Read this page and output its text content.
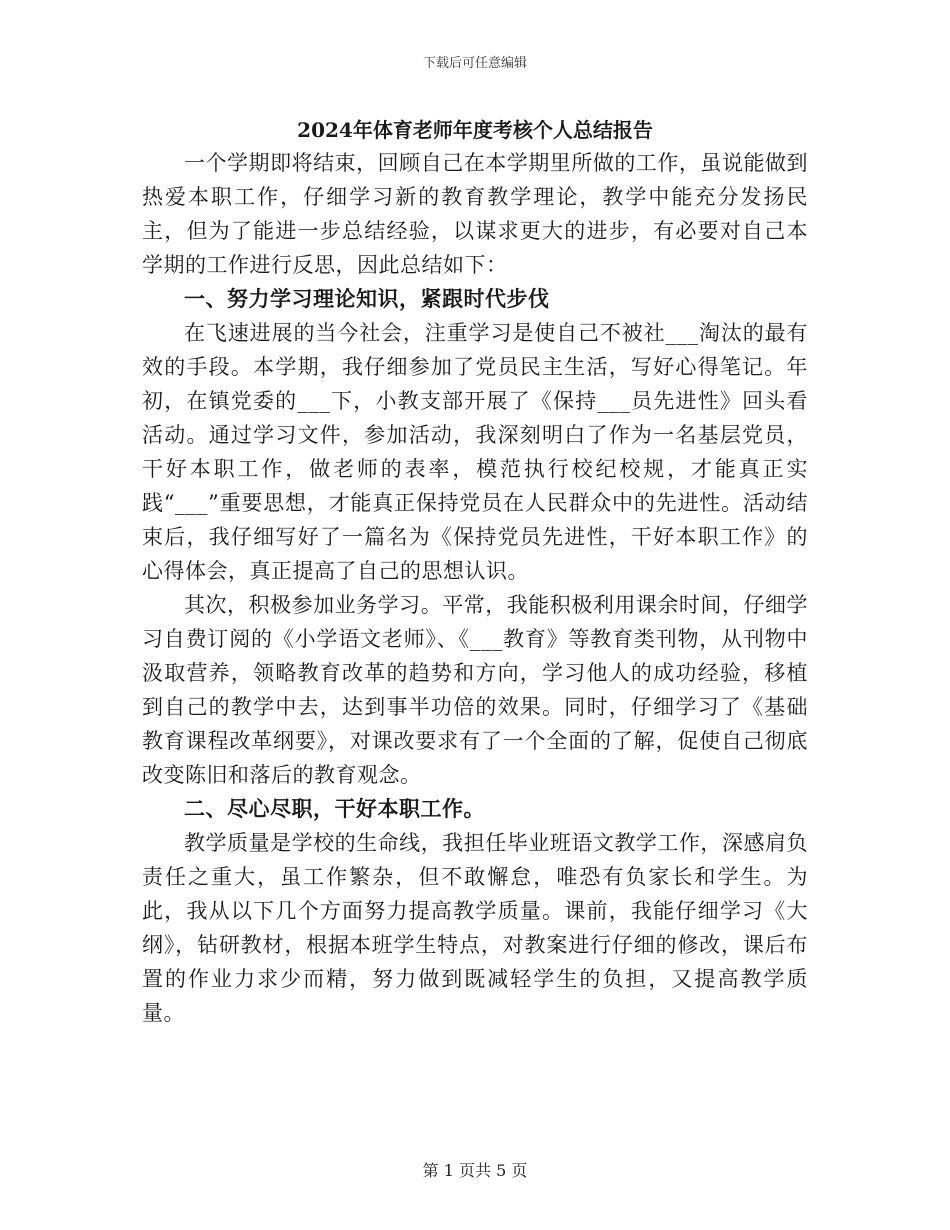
下载后可任意编辑

2024年体育老师年度考核个人总结报告

一个学期即将结束，回顾自己在本学期里所做的工作，虽说能做到热爱本职工作，仔细学习新的教育教学理论，教学中能充分发扬民主，但为了能进一步总结经验，以谋求更大的进步，有必要对自己本学期的工作进行反思，因此总结如下：

一、努力学习理论知识，紧跟时代步伐

在飞速进展的当今社会，注重学习是使自己不被社___淘汰的最有效的手段。本学期，我仔细参加了党员民主生活，写好心得笔记。年初，在镇党委的___下，小教支部开展了《保持___员先进性》回头看活动。通过学习文件，参加活动，我深刻明白了作为一名基层党员，干好本职工作，做老师的表率，模范执行校纪校规，才能真正实践“___”重要思想，才能真正保持党员在人民群众中的先进性。活动结束后，我仔细写好了一篇名为《保持党员先进性，干好本职工作》的心得体会，真正提高了自己的思想认识。

其次，积极参加业务学习。平常，我能积极利用课余时间，仔细学习自费订阅的《小学语文老师》、《___教育》等教育类刊物，从刊物中汲取营养，领略教育改革的趋势和方向，学习他人的成功经验，移植到自己的教学中去，达到事半功倍的效果。同时，仔细学习了《基础教育课程改革纲要》，对课改要求有了一个全面的了解，促使自己彻底改变陈旧和落后的教育观念。

二、尽心尽职，干好本职工作。

教学质量是学校的生命线，我担任毕业班语文教学工作，深感肩负责任之重大，虽工作繁杂，但不敢懈怠，唯恐有负家长和学生。为此，我从以下几个方面努力提高教学质量。课前，我能仔细学习《大纲》，钻研教材，根据本班学生特点，对教案进行仔细的修改，课后布置的作业力求少而精，努力做到既减轻学生的负担，又提高教学质量。

第 1 页共 5 页
